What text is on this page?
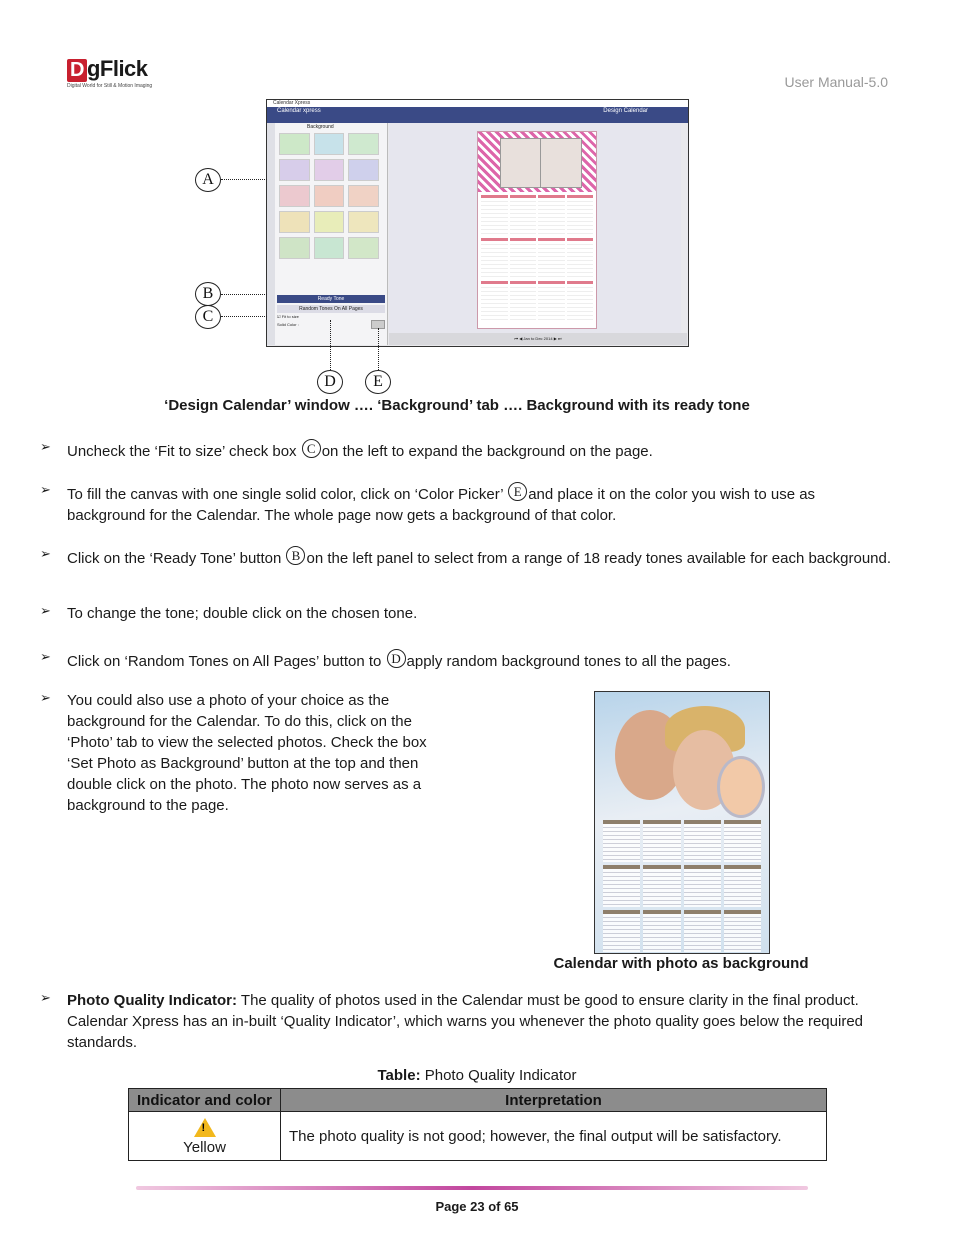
D gFlick
Digital World for Still & Motion Imaging	User Manual-5.0
Calendar Xpress
Calendar xpress	Design Calendar
Background
Ready Tone
Random Tones On All Pages
☑ Fit to size
Solid Color :
⏮ ◀ Jan to Dec 2014 ▶ ⏭
A
B
C
D	E
‘Design Calendar’ window …. ‘Background’ tab …. Background with its ready tone
➢ Uncheck the ‘Fit to size’ check box C on the left to expand the background on the page.
➢ To fill the canvas with one single solid color, click on ‘Color Picker’ E and place it on the color you wish to use as background for the Calendar. The whole page now gets a background of that color.
➢ Click on the ‘Ready Tone’ button B on the left panel to select from a range of 18 ready tones available for each background.
➢ To change the tone; double click on the chosen tone.
➢ Click on ‘Random Tones on All Pages’ button to D apply random background tones to all the pages.
➢ You could also use a photo of your choice as the background for the Calendar. To do this, click on the ‘Photo’ tab to view the selected photos. Check the box ‘Set Photo as Background’ button at the top and then double click on the photo. The photo now serves as a background to the page.
Calendar with photo as background
➢ Photo Quality Indicator: The quality of photos used in the Calendar must be good to ensure clarity in the final product. Calendar Xpress has an in-built ‘Quality Indicator’, which warns you whenever the photo quality goes below the required standards.
Table: Photo Quality Indicator
Indicator and color	Interpretation

!
Yellow	The photo quality is not good; however, the final output will be satisfactory.
Page 23 of 65
